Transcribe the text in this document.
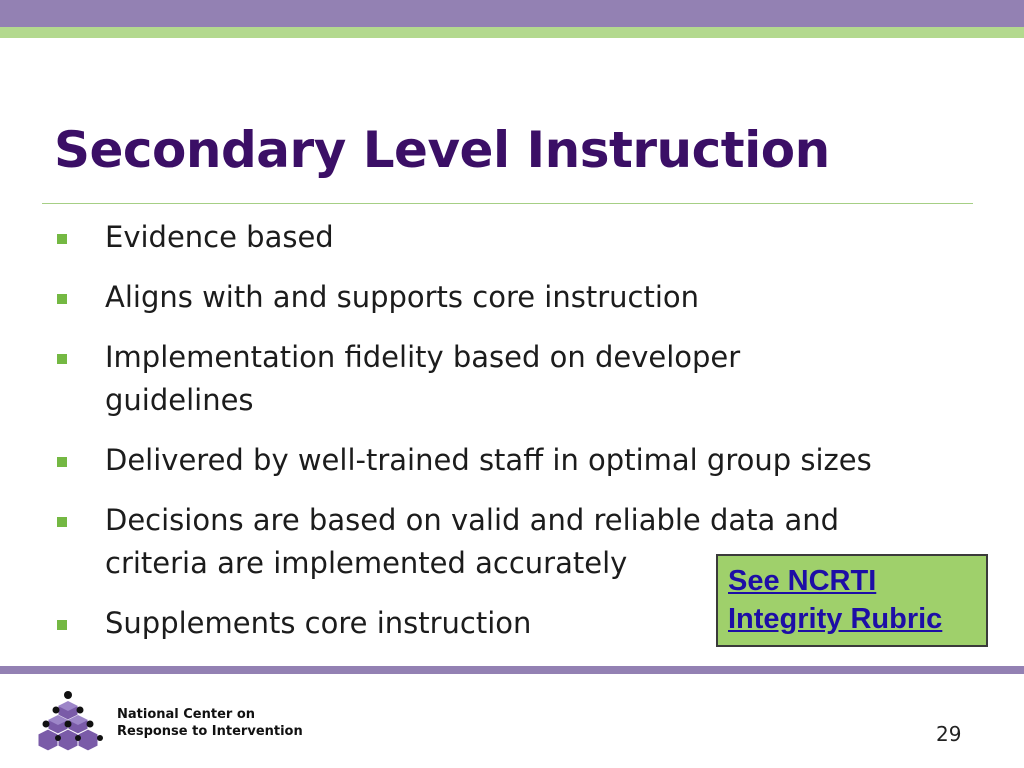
Secondary Level Instruction
Evidence based
Aligns with and supports core instruction
Implementation fidelity based on developer
guidelines
Delivered by well-trained staff in optimal group sizes
Decisions are based on valid and reliable data and
criteria are implemented accurately
Supplements core instruction
See NCRTI
Integrity Rubric
National Center on
Response to Intervention	29
